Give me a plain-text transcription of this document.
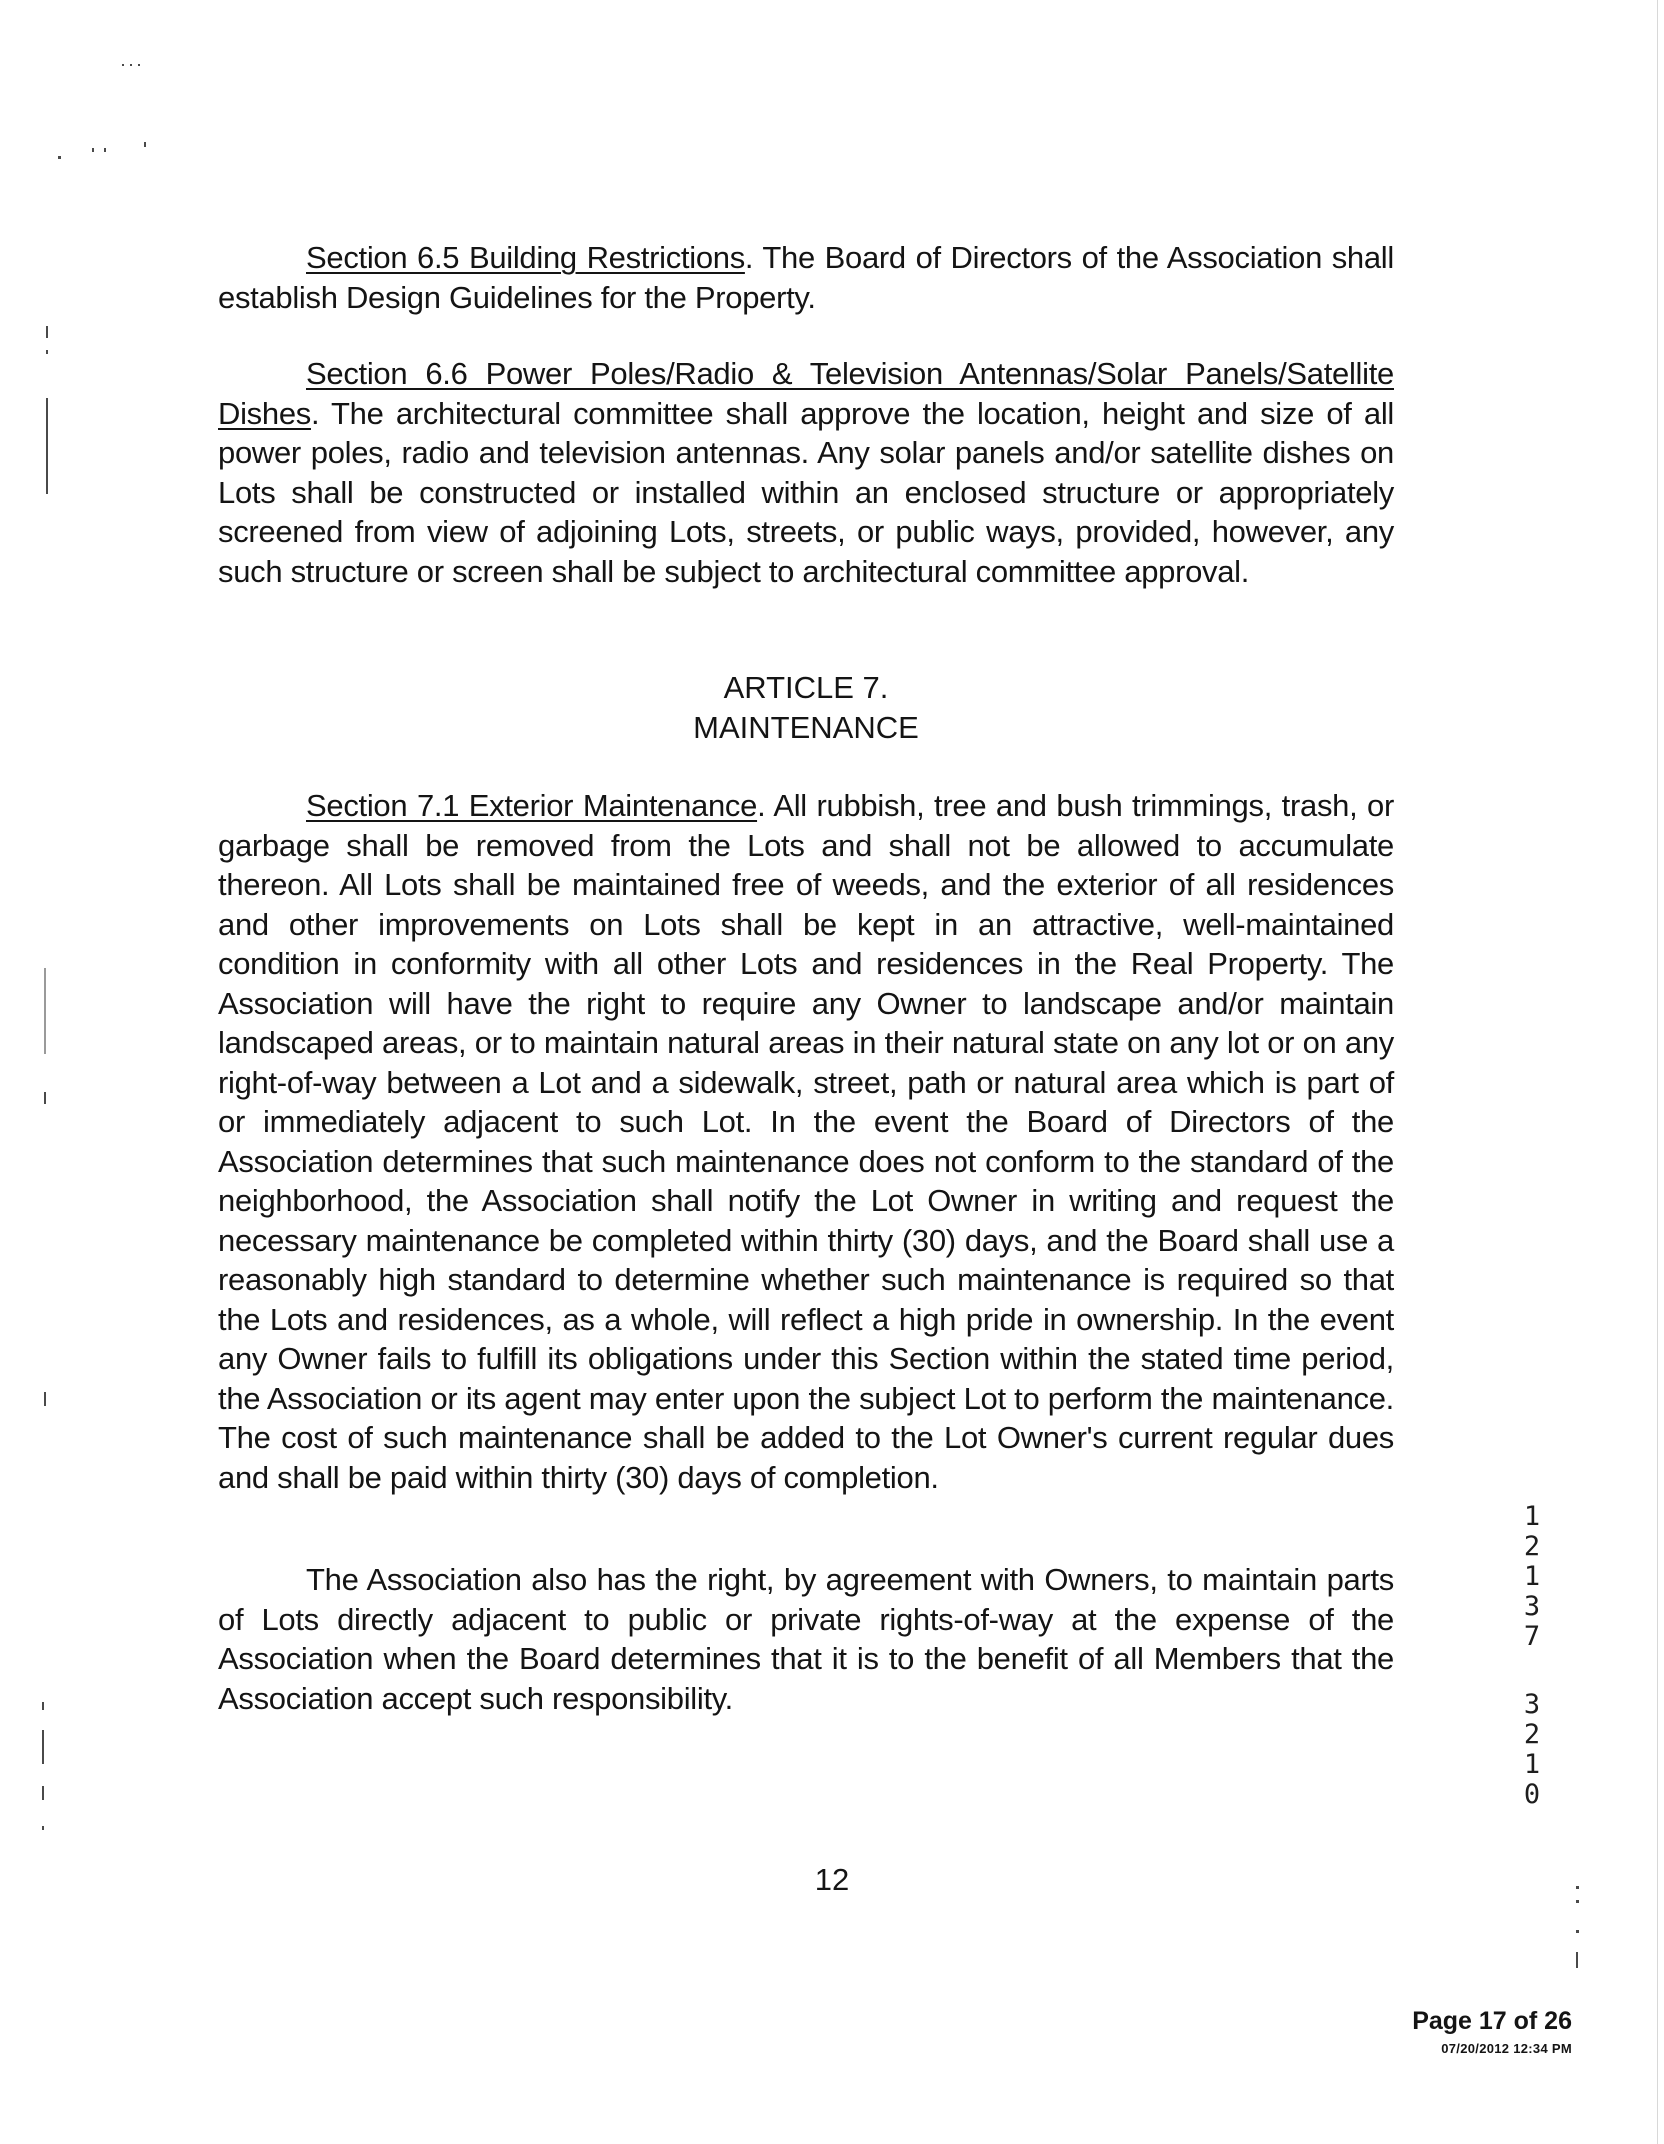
Section 6.5 Building Restrictions. The Board of Directors of the Association shall establish Design Guidelines for the Property.

Section 6.6 Power Poles/Radio & Television Antennas/Solar Panels/Satellite Dishes. The architectural committee shall approve the location, height and size of all power poles, radio and television antennas. Any solar panels and/or satellite dishes on Lots shall be constructed or installed within an enclosed structure or appropriately screened from view of adjoining Lots, streets, or public ways, provided, however, any such structure or screen shall be subject to architectural committee approval.

ARTICLE 7.
MAINTENANCE

Section 7.1 Exterior Maintenance. All rubbish, tree and bush trimmings, trash, or garbage shall be removed from the Lots and shall not be allowed to accumulate thereon. All Lots shall be maintained free of weeds, and the exterior of all residences and other improvements on Lots shall be kept in an attractive, well-maintained condition in conformity with all other Lots and residences in the Real Property. The Association will have the right to require any Owner to landscape and/or maintain landscaped areas, or to maintain natural areas in their natural state on any lot or on any right-of-way between a Lot and a sidewalk, street, path or natural area which is part of or immediately adjacent to such Lot. In the event the Board of Directors of the Association determines that such maintenance does not conform to the standard of the neighborhood, the Association shall notify the Lot Owner in writing and request the necessary maintenance be completed within thirty (30) days, and the Board shall use a reasonably high standard to determine whether such maintenance is required so that the Lots and residences, as a whole, will reflect a high pride in ownership. In the event any Owner fails to fulfill its obligations under this Section within the stated time period, the Association or its agent may enter upon the subject Lot to perform the maintenance. The cost of such maintenance shall be added to the Lot Owner's current regular dues and shall be paid within thirty (30) days of completion.

The Association also has the right, by agreement with Owners, to maintain parts of Lots directly adjacent to public or private rights-of-way at the expense of the Association when the Board determines that it is to the benefit of all Members that the Association accept such responsibility.

1
2
1
3
7
3
2
1
0
12
Page 17 of 26
07/20/2012 12:34 PM
